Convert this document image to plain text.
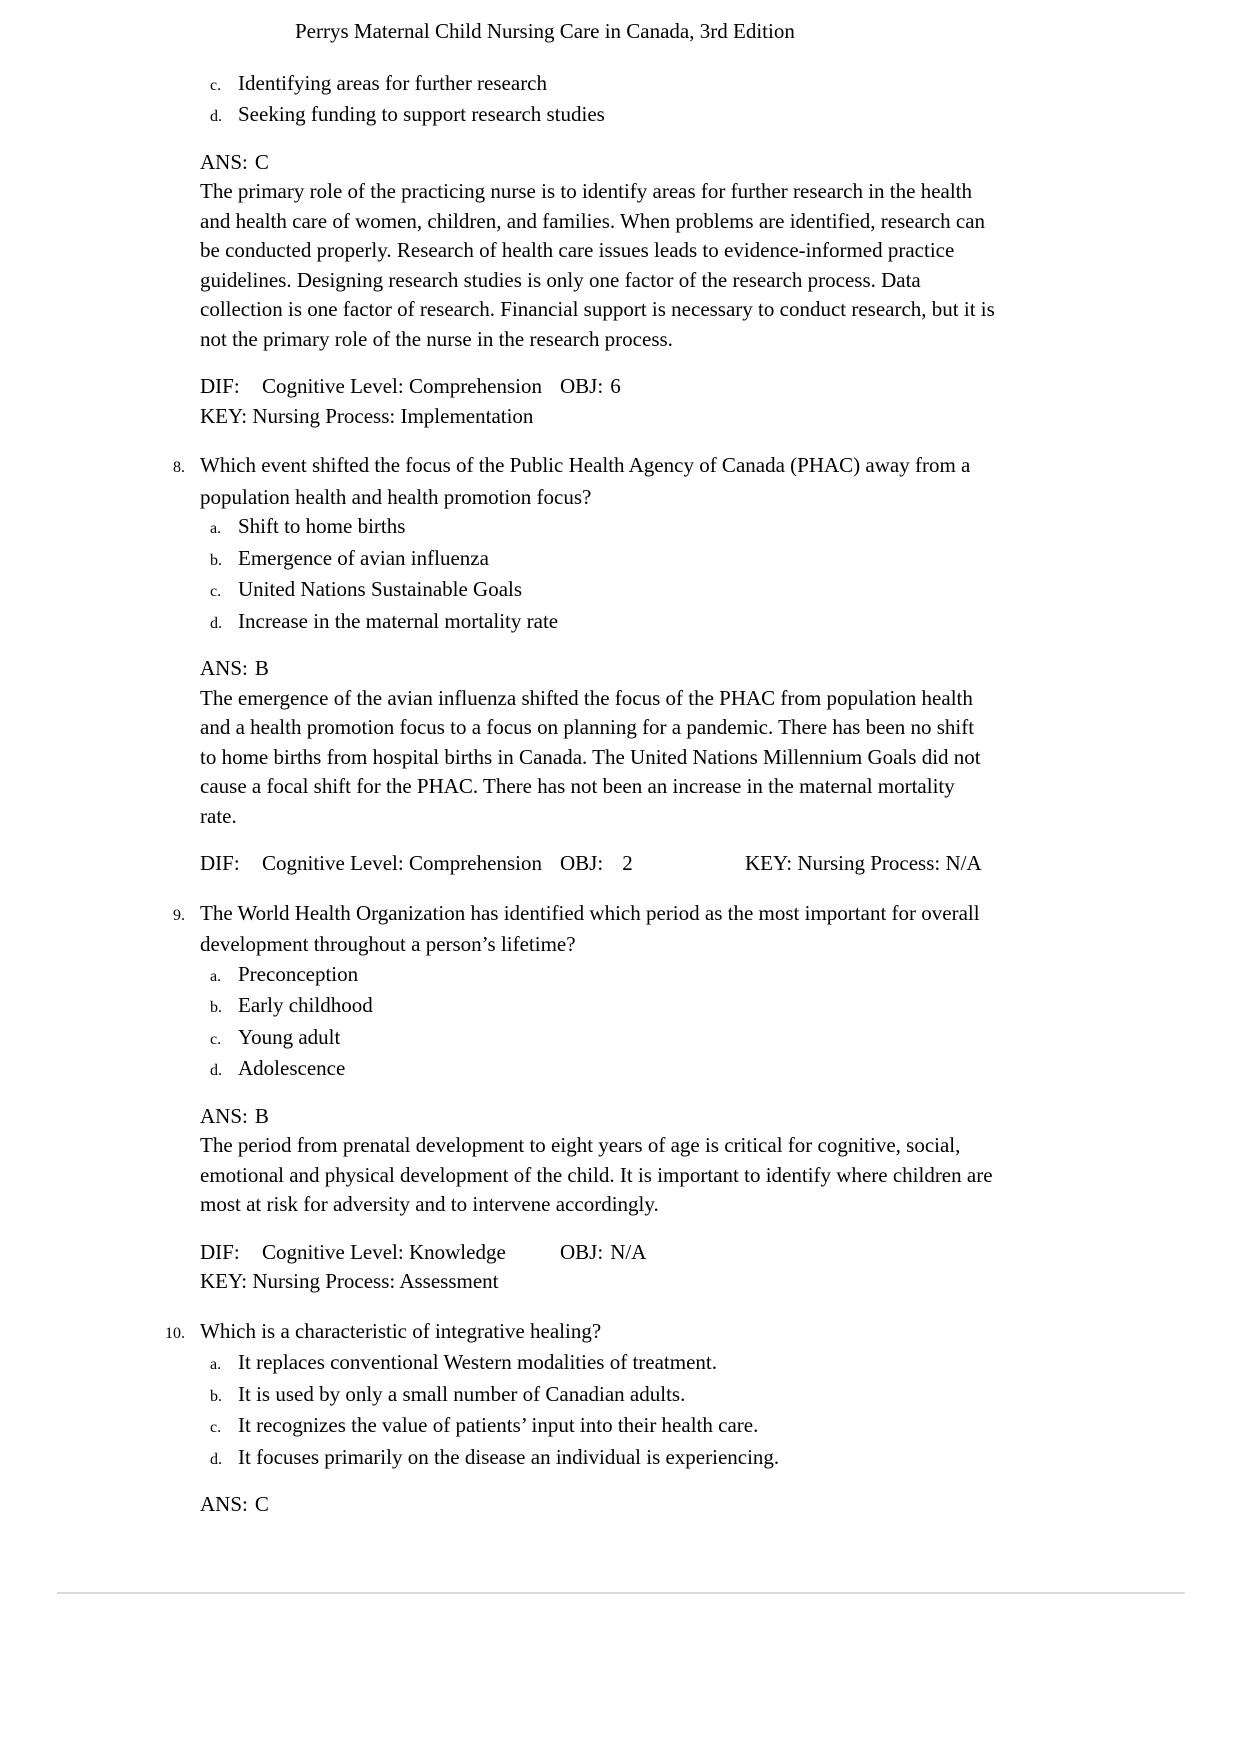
Perrys Maternal Child Nursing Care in Canada, 3rd Edition
c. Identifying areas for further research
d. Seeking funding to support research studies
ANS: C
The primary role of the practicing nurse is to identify areas for further research in the health
and health care of women, children, and families. When problems are identified, research can
be conducted properly. Research of health care issues leads to evidence-informed practice
guidelines. Designing research studies is only one factor of the research process. Data
collection is one factor of research. Financial support is necessary to conduct research, but it is
not the primary role of the nurse in the research process.
DIF: Cognitive Level: Comprehension OBJ: 6
KEY: Nursing Process: Implementation
8. Which event shifted the focus of the Public Health Agency of Canada (PHAC) away from a
population health and health promotion focus?
a. Shift to home births
b. Emergence of avian influenza
c. United Nations Sustainable Goals
d. Increase in the maternal mortality rate
ANS: B
The emergence of the avian influenza shifted the focus of the PHAC from population health
and a health promotion focus to a focus on planning for a pandemic. There has been no shift
to home births from hospital births in Canada. The United Nations Millennium Goals did not
cause a focal shift for the PHAC. There has not been an increase in the maternal mortality
rate.
DIF: Cognitive Level: Comprehension OBJ: 2	KEY: Nursing Process: N/A
9. The World Health Organization has identified which period as the most important for overall
development throughout a person’s lifetime?
a. Preconception
b. Early childhood
c. Young adult
d. Adolescence
ANS: B
The period from prenatal development to eight years of age is critical for cognitive, social,
emotional and physical development of the child. It is important to identify where children are
most at risk for adversity and to intervene accordingly.
DIF: Cognitive Level: Knowledge	OBJ: N/A
KEY: Nursing Process: Assessment
10. Which is a characteristic of integrative healing?
a. It replaces conventional Western modalities of treatment.
b. It is used by only a small number of Canadian adults.
c. It recognizes the value of patients’ input into their health care.
d. It focuses primarily on the disease an individual is experiencing.
ANS: C
